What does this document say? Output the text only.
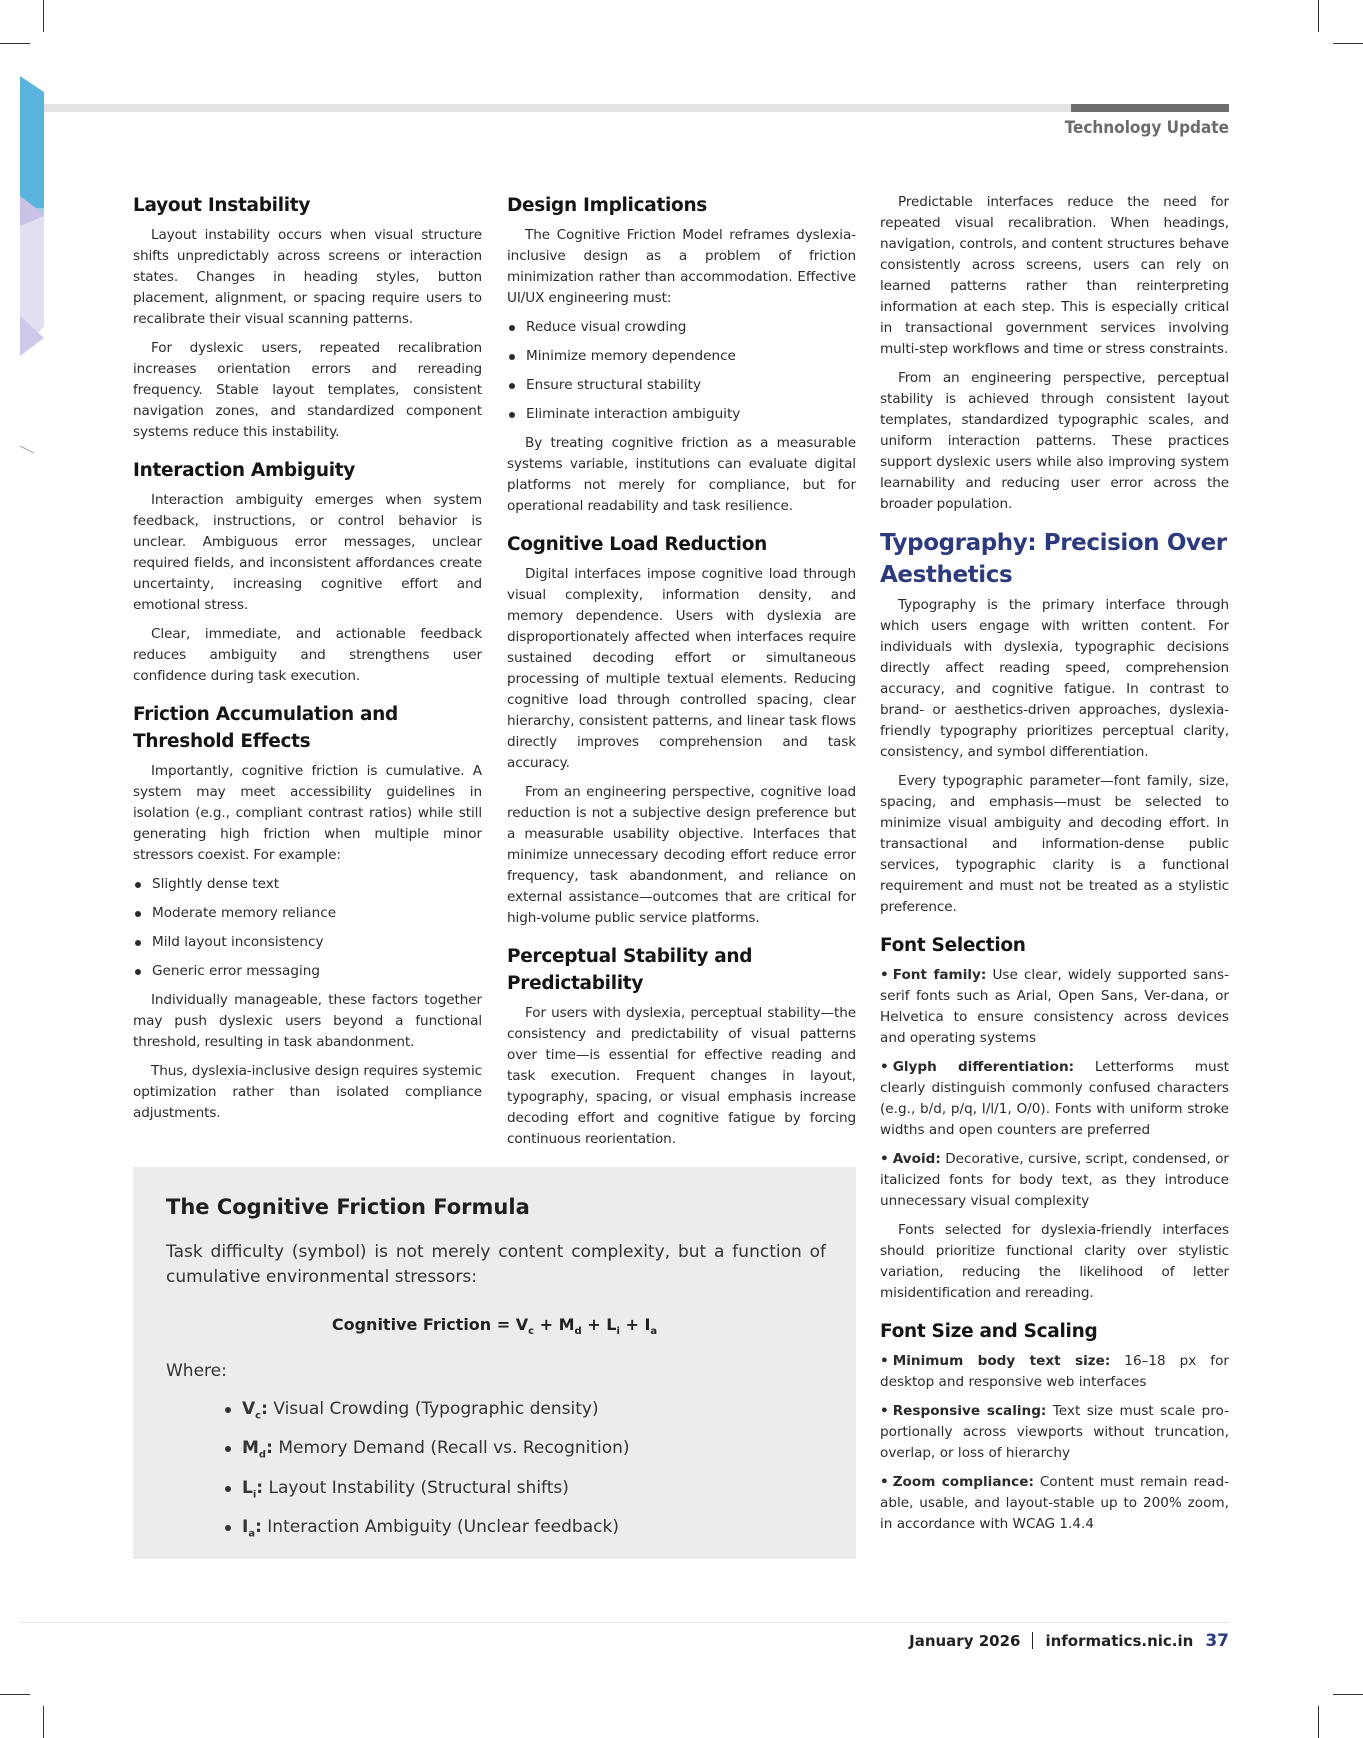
Technology Update
Layout Instability

Layout instability occurs when visual structure shifts unpredictably across screens or interaction states. Changes in heading styles, button placement, alignment, or spacing require users to recalibrate their visual scanning patterns.

For dyslexic users, repeated recalibration increases orientation errors and rereading frequency. Stable layout templates, consistent navigation zones, and standardized component systems reduce this instability.

Interaction Ambiguity

Interaction ambiguity emerges when system feedback, instructions, or control behavior is unclear. Ambiguous error messages, unclear required fields, and inconsistent affordances create uncertainty, increasing cognitive effort and emotional stress.

Clear, immediate, and actionable feedback reduces ambiguity and strengthens user confidence during task execution.

Friction Accumulation and Threshold Effects

Importantly, cognitive friction is cumulative. A system may meet accessibility guidelines in isolation (e.g., compliant contrast ratios) while still generating high friction when multiple minor stressors coexist. For example:

Slightly dense text
Moderate memory reliance
Mild layout inconsistency
Generic error messaging

Individually manageable, these factors together may push dyslexic users beyond a functional threshold, resulting in task abandonment.

Thus, dyslexia-inclusive design requires systemic optimization rather than isolated compliance adjustments.

Design Implications

The Cognitive Friction Model reframes dyslexia-inclusive design as a problem of friction minimization rather than accommodation. Effective UI/UX engineering must:

Reduce visual crowding
Minimize memory dependence
Ensure structural stability
Eliminate interaction ambiguity

By treating cognitive friction as a measurable systems variable, institutions can evaluate digital platforms not merely for compliance, but for operational readability and task resilience.

Cognitive Load Reduction

Digital interfaces impose cognitive load through visual complexity, information density, and memory dependence. Users with dyslexia are disproportionately affected when interfaces require sustained decoding effort or simultaneous processing of multiple textual elements. Reducing cognitive load through controlled spacing, clear hierarchy, consistent patterns, and linear task flows directly improves comprehension and task accuracy.

From an engineering perspective, cognitive load reduction is not a subjective design preference but a measurable usability objective. Interfaces that minimize unnecessary decoding effort reduce error frequency, task abandonment, and reliance on external assistance—outcomes that are critical for high-volume public service platforms.

Perceptual Stability and Predictability

For users with dyslexia, perceptual stability—the consistency and predictability of visual patterns over time—is essential for effective reading and task execution. Frequent changes in layout, typography, spacing, or visual emphasis increase decoding effort and cognitive fatigue by forcing continuous reorientation.

Predictable interfaces reduce the need for repeated visual recalibration. When headings, navigation, controls, and content structures behave consistently across screens, users can rely on learned patterns rather than reinterpreting information at each step. This is especially critical in transactional government services involving multi-step workflows and time or stress constraints.

From an engineering perspective, perceptual stability is achieved through consistent layout templates, standardized typographic scales, and uniform interaction patterns. These practices support dyslexic users while also improving system learnability and reducing user error across the broader population.

Typography: Precision Over Aesthetics

Typography is the primary interface through which users engage with written content. For individuals with dyslexia, typographic decisions directly affect reading speed, comprehension accuracy, and cognitive fatigue. In contrast to brand- or aesthetics-driven approaches, dyslexia-friendly typography prioritizes perceptual clarity, consistency, and symbol differentiation.

Every typographic parameter—font family, size, spacing, and emphasis—must be selected to minimize visual ambiguity and decoding effort. In transactional and information-dense public services, typographic clarity is a functional requirement and must not be treated as a stylistic preference.

Font Selection

• Font family: Use clear, widely supported sans-serif fonts such as Arial, Open Sans, Ver-dana, or Helvetica to ensure consistency across devices and operating systems

• Glyph differentiation: Letterforms must clearly distinguish commonly confused characters (e.g., b/d, p/q, I/l/1, O/0). Fonts with uniform stroke widths and open counters are preferred

• Avoid: Decorative, cursive, script, condensed, or italicized fonts for body text, as they introduce unnecessary visual complexity

Fonts selected for dyslexia-friendly interfaces should prioritize functional clarity over stylistic variation, reducing the likelihood of letter misidentification and rereading.

Font Size and Scaling

• Minimum body text size: 16–18 px for desktop and responsive web interfaces

• Responsive scaling: Text size must scale pro-portionally across viewports without truncation, overlap, or loss of hierarchy

• Zoom compliance: Content must remain read-able, usable, and layout-stable up to 200% zoom, in accordance with WCAG 1.4.4

The Cognitive Friction Formula
Task difficulty (symbol) is not merely content complexity, but a function of cumulative environmental stressors:
Cognitive Friction = $V_c + M_d + L_i + I_a$
Where:
$V_c$: Visual Crowding (Typographic density)
$M_d$: Memory Demand (Recall vs. Recognition)
$L_i$: Layout Instability (Structural shifts)
$I_a$: Interaction Ambiguity (Unclear feedback)
January 2026 informatics.nic.in 37
